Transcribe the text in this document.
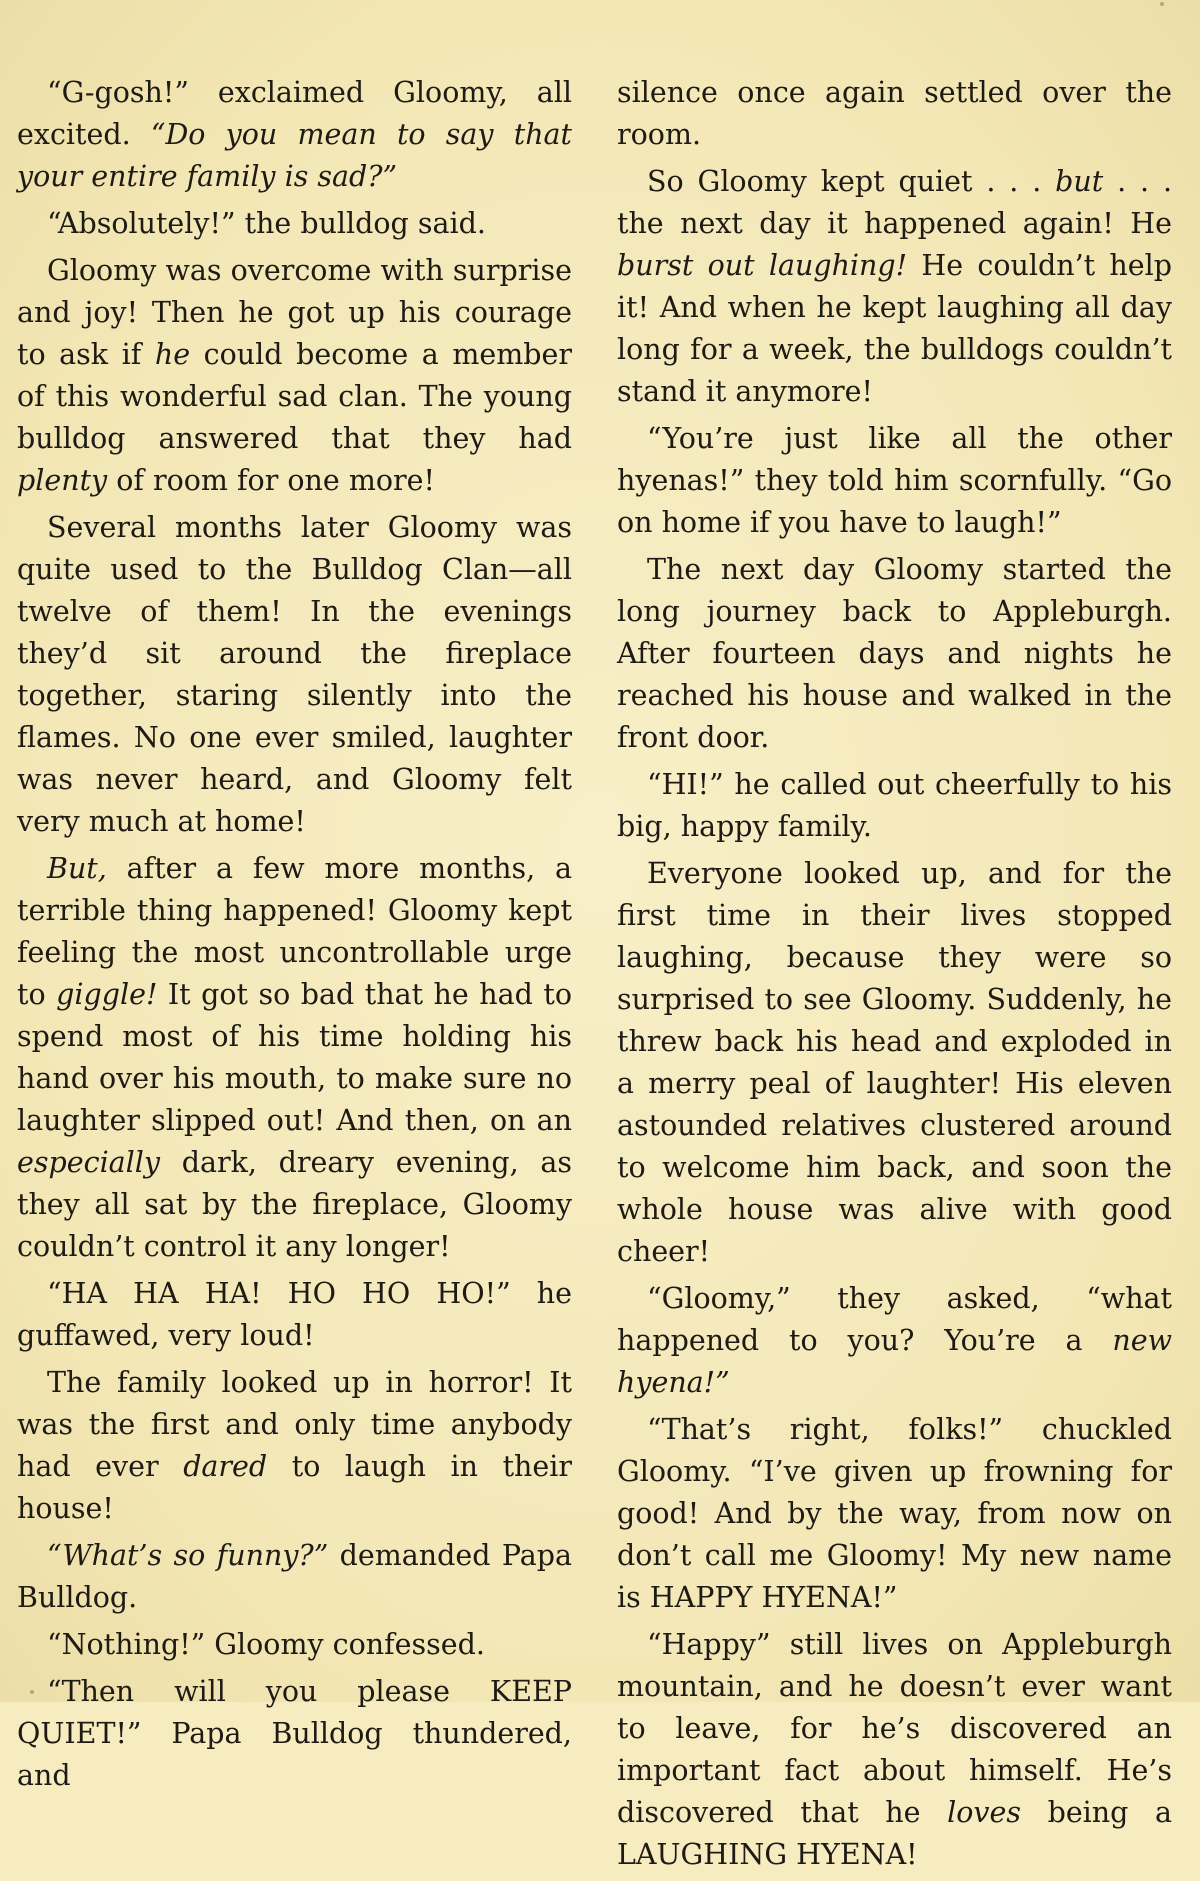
“G-gosh!” exclaimed Gloomy, all excited. “Do you mean to say that your entire family is sad?”

“Absolutely!” the bulldog said.

Gloomy was overcome with surprise and joy! Then he got up his courage to ask if he could become a member of this wonderful sad clan. The young bulldog answered that they had plenty of room for one more!

Several months later Gloomy was quite used to the Bulldog Clan—all twelve of them! In the evenings they’d sit around the fireplace together, staring silently into the flames. No one ever smiled, laughter was never heard, and Gloomy felt very much at home!

But, after a few more months, a terrible thing happened! Gloomy kept feeling the most uncontrollable urge to giggle! It got so bad that he had to spend most of his time holding his hand over his mouth, to make sure no laughter slipped out! And then, on an especially dark, dreary evening, as they all sat by the fireplace, Gloomy couldn’t control it any longer!

“HA HA HA! HO HO HO!” he guffawed, very loud!

The family looked up in horror! It was the first and only time anybody had ever dared to laugh in their house!

“What’s so funny?” demanded Papa Bulldog.

“Nothing!” Gloomy confessed.

“Then will you please KEEP QUIET!” Papa Bulldog thundered, and

silence once again settled over the room.

So Gloomy kept quiet . . . but . . . the next day it happened again! He burst out laughing! He couldn’t help it! And when he kept laughing all day long for a week, the bulldogs couldn’t stand it anymore!

“You’re just like all the other hyenas!” they told him scornfully. “Go on home if you have to laugh!”

The next day Gloomy started the long journey back to Appleburgh. After fourteen days and nights he reached his house and walked in the front door.

“HI!” he called out cheerfully to his big, happy family.

Everyone looked up, and for the first time in their lives stopped laughing, because they were so surprised to see Gloomy. Suddenly, he threw back his head and exploded in a merry peal of laughter! His eleven astounded relatives clustered around to welcome him back, and soon the whole house was alive with good cheer!

“Gloomy,” they asked, “what happened to you? You’re a new hyena!”

“That’s right, folks!” chuckled Gloomy. “I’ve given up frowning for good! And by the way, from now on don’t call me Gloomy! My new name is HAPPY HYENA!”

“Happy” still lives on Appleburgh mountain, and he doesn’t ever want to leave, for he’s discovered an important fact about himself. He’s discovered that he loves being a LAUGHING HYENA!
